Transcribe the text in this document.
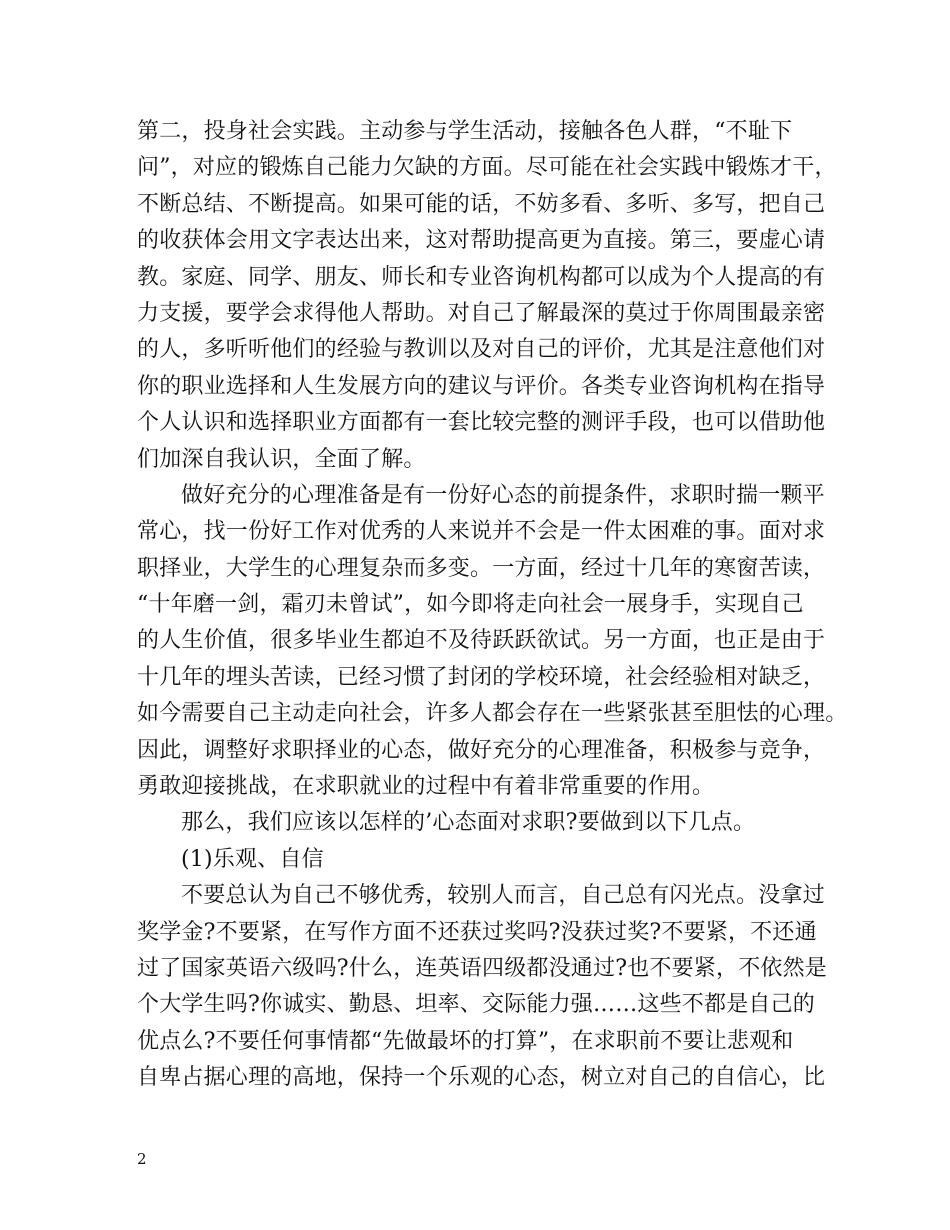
第二，投身社会实践。主动参与学生活动，接触各色人群，“不耻下
问”，对应的锻炼自己能力欠缺的方面。尽可能在社会实践中锻炼才干，
不断总结、不断提高。如果可能的话，不妨多看、多听、多写，把自己
的收获体会用文字表达出来，这对帮助提高更为直接。第三，要虚心请
教。家庭、同学、朋友、师长和专业咨询机构都可以成为个人提高的有
力支援，要学会求得他人帮助。对自己了解最深的莫过于你周围最亲密
的人，多听听他们的经验与教训以及对自己的评价，尤其是注意他们对
你的职业选择和人生发展方向的建议与评价。各类专业咨询机构在指导
个人认识和选择职业方面都有一套比较完整的测评手段，也可以借助他
们加深自我认识，全面了解。
做好充分的心理准备是有一份好心态的前提条件，求职时揣一颗平
常心，找一份好工作对优秀的人来说并不会是一件太困难的事。面对求
职择业，大学生的心理复杂而多变。一方面，经过十几年的寒窗苦读，
“十年磨一剑，霜刃未曾试”，如今即将走向社会一展身手，实现自己
的人生价值，很多毕业生都迫不及待跃跃欲试。另一方面，也正是由于
十几年的埋头苦读，已经习惯了封闭的学校环境，社会经验相对缺乏，
如今需要自己主动走向社会，许多人都会存在一些紧张甚至胆怯的心理。
因此，调整好求职择业的心态，做好充分的心理准备，积极参与竞争，
勇敢迎接挑战，在求职就业的过程中有着非常重要的作用。
那么，我们应该以怎样的’心态面对求职?要做到以下几点。
(1)乐观、自信
不要总认为自己不够优秀，较别人而言，自己总有闪光点。没拿过
奖学金?不要紧，在写作方面不还获过奖吗?没获过奖?不要紧，不还通
过了国家英语六级吗?什么，连英语四级都没通过?也不要紧，不依然是
个大学生吗?你诚实、勤恳、坦率、交际能力强……这些不都是自己的
优点么?不要任何事情都“先做最坏的打算”，在求职前不要让悲观和
自卑占据心理的高地，保持一个乐观的心态，树立对自己的自信心，比
2
